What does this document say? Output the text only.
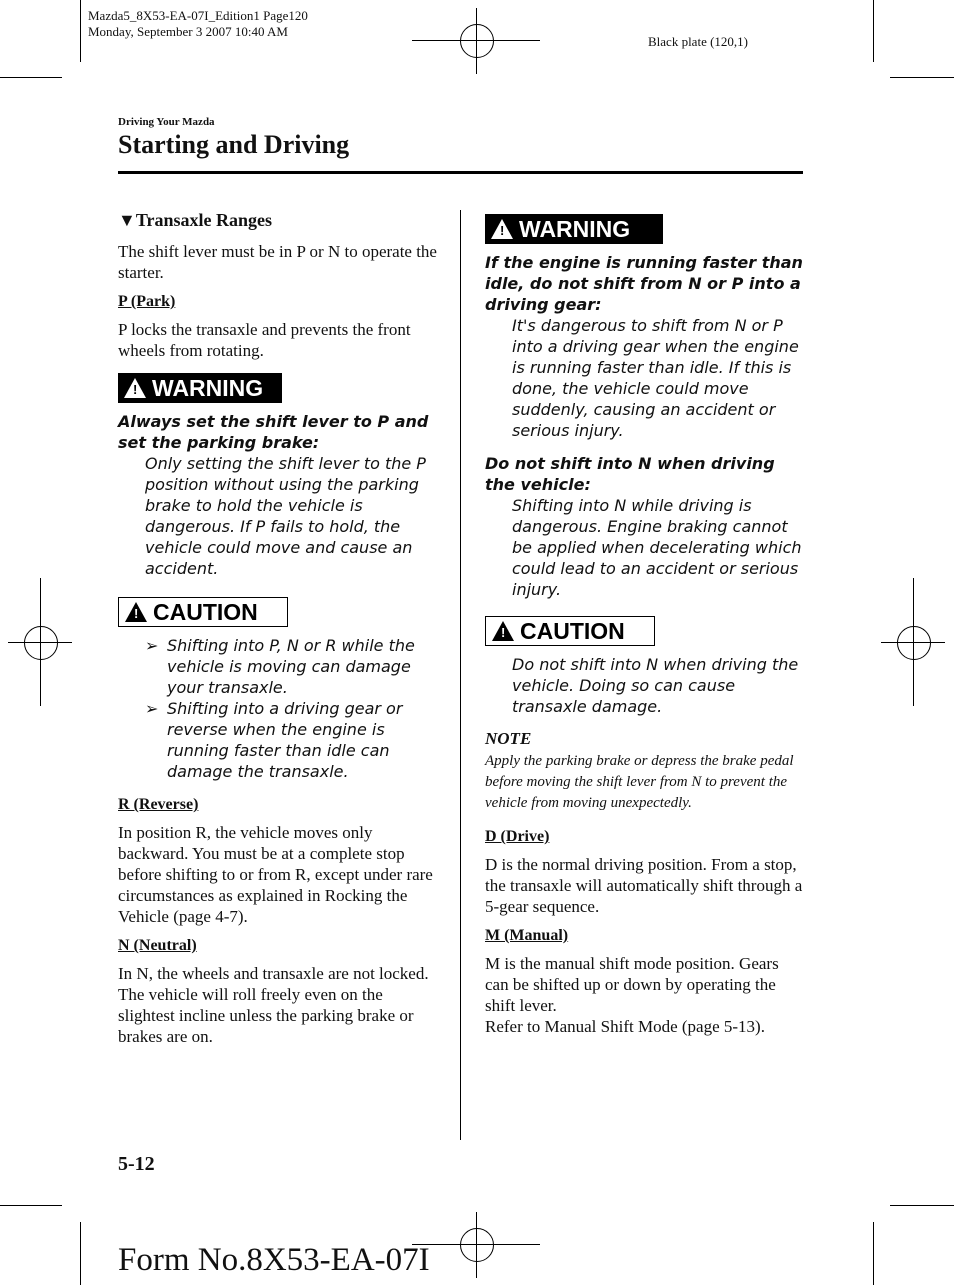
Mazda5_8X53-EA-07I_Edition1 Page120
Monday, September 3 2007 10:40 AM
Black plate (120,1)
Driving Your Mazda
Starting and Driving
▼Transaxle Ranges

The shift lever must be in P or N to operate the starter.

P (Park)

P locks the transaxle and prevents the front wheels from rotating.

! WARNING
Always set the shift lever to P and set the parking brake:
Only setting the shift lever to the P position without using the parking brake to hold the vehicle is dangerous. If P fails to hold, the vehicle could move and cause an accident.
! CAUTION
➢ Shifting into P, N or R while the vehicle is moving can damage your transaxle.
➢ Shifting into a driving gear or reverse when the engine is running faster than idle can damage the transaxle.
R (Reverse)

In position R, the vehicle moves only backward. You must be at a complete stop before shifting to or from R, except under rare circumstances as explained in Rocking the Vehicle (page 4-7).

N (Neutral)

In N, the wheels and transaxle are not locked. The vehicle will roll freely even on the slightest incline unless the parking brake or brakes are on.

! WARNING
If the engine is running faster than idle, do not shift from N or P into a driving gear:
It's dangerous to shift from N or P into a driving gear when the engine is running faster than idle. If this is done, the vehicle could move suddenly, causing an accident or serious injury.
Do not shift into N when driving the vehicle:
Shifting into N while driving is dangerous. Engine braking cannot be applied when decelerating which could lead to an accident or serious injury.
! CAUTION
Do not shift into N when driving the vehicle. Doing so can cause transaxle damage.
NOTE
Apply the parking brake or depress the brake pedal before moving the shift lever from N to prevent the vehicle from moving unexpectedly.
D (Drive)

D is the normal driving position. From a stop, the transaxle will automatically shift through a 5-gear sequence.

M (Manual)

M is the manual shift mode position. Gears can be shifted up or down by operating the shift lever.

Refer to Manual Shift Mode (page 5-13).

5-12
Form No.8X53-EA-07I
